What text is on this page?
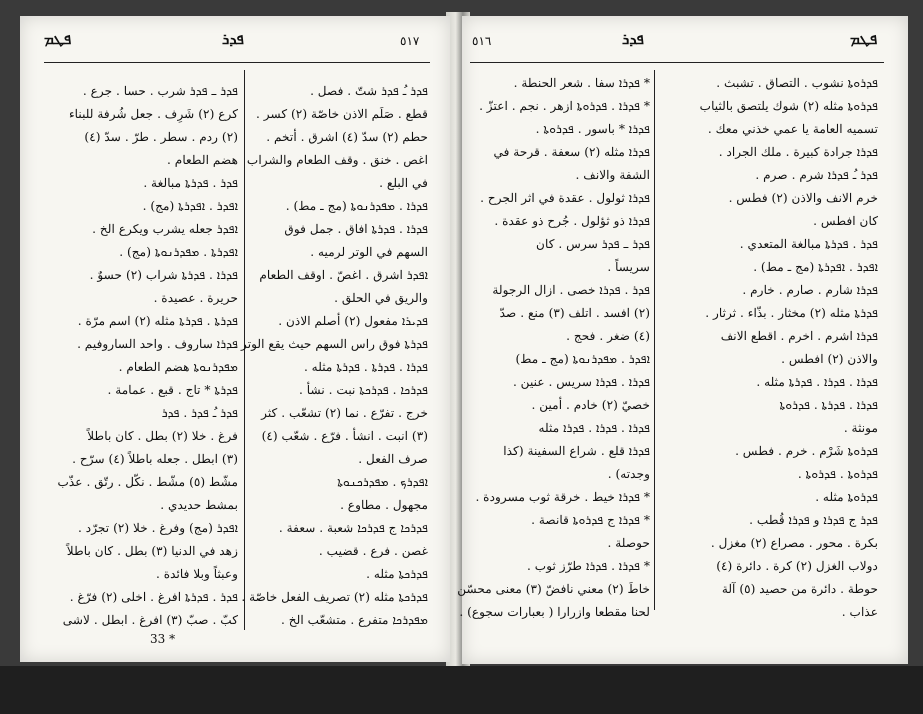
ܦܛܡ	ܦܕܪ	٥١٧
ܦܕܪ ـُ ܦܕܪ شتّ . فصل .
قطع . صَلَم الاذن خاصّة (٢) كسر .
حطم (٢) سدّ (٤) اشرق . أتخم .
اغص . خنق . وقف الطعام والشراب
في البلع .
ܦܕܪܐ . ܡܦܕܪܢܘܬܐ (مج ـ مط) .
ܦܕܪܐ . ܦܕܪܬܐ افاق . جمل فوق
السهم في الوتر لرميه .
ܐܦܕܪ اشرق . اغصّ . اوقف الطعام
والريق في الحلق .
ܦܕܝܪܐ مفعول (٢) أصلم الاذن .
ܦܕܪܬܐ فوق راس السهم حيث يقع الوتر .
ܦܕܪܐ . ܦܕܪܬܐ . ܦܕܪܬܐ مثله .
ܦܕܪܟܐ . ܦܕܪܟܬܐ نبت . نشأ .
خرج . تفرّع . نما (٢) تشعّب . كثر
(٣) انبت . انشأ . فرّع . شعّب (٤)
صرف الفعل .
ܐܦܕܪܟ . ܡܦܕܪܟܢܘܬܐ
مجهول . مطاوع .
ܦܕܪܟܐ ج ܦܕܪܟܐ شعبة . سعفة .
غصن . فرع . قضيب .
ܦܕܪܟܬܐ مثله .
ܦܕܪܟܬܐ مثله (٢) تصريف الفعل خاصّة .
ܡܦܕܪܟܐ متفرع . متشعّب الخ .
ܦܕܪ ـ ܦܕܪ شرب . حسا . جرع .
كرع (٢) شَرِف . جعل شُرفة للبناء
(٢) ردم . سطر . طرّ . سدّ (٤)
هضم الطعام .
ܦܕܪ . ܦܕܪܬܐ مبالغة .
ܐܦܕܪ . ܐܦܕܪܬܐ (مج) .
ܐܦܕܪ جعله يشرب ويكرع الخ .
ܐܦܕܪܬܐ . ܡܦܕܪܢܘܬܐ (مج) .
ܦܕܪܐ . ܦܕܪܬܐ شراب (٢) حسوٌ .
حريرة . عصيدة .
ܦܕܪܬܐ . ܦܕܪܬܐ مثله (٢) اسم مرّة .
ܦܕܪܐ ساروف . واحد الساروفيم .
ܡܦܕܪܢܘܬܐ هضم الطعام .
ܦܕܪܬܐ * تاج . قبع . عمامة .
ܦܕܪ ـُ ܦܕܪ . ܦܕܪ
فرغ . خلا (٢) بطل . كان باطلاً
(٣) ابطل . جعله باطلاً (٤) سرّح .
مشّط (٥) مشّط . نكّل . رتّق . عذّب
بمشط حديدي .
ܐܦܕܪ (مج) وفرغ . خلا (٢) تجرّد .
زهد في الدنيا (٣) بطل . كان باطلاً
وعبثاً وبلا فائدة .
ܦܕܪ . ܦܕܪܬܐ افرغ . اخلى (٢) فرّغ .
كبّ . صبّ (٣) افرغ . ابطل . لاشى
33 *
٥١٦	ܦܕܪ	ܦܛܡ
ܦܕܪܘܬܐ نشوب . التصاق . تشبث .
ܦܕܪܘܬܐ مثله (٢) شوك يلتصق بالثياب
تسميه العامة يا عمي خذني معك .
ܦܕܪܐ جرادة كبيرة . ملك الجراد .
ܦܕܪ ـُ ܦܕܪܐ شرم . صرم .
خرم الانف والاذن (٢) فطس .
كان افطس .
ܦܕܪ . ܦܕܪܬܐ مبالغة المتعدي .
ܐܦܕܪ . ܐܦܕܪܬܐ (مج ـ مط) .
ܦܕܪܐ شارم . صارم . خارم .
ܦܕܪܬܐ مثله (٢) مخثار . بذّاء . ثرثار .
ܦܕܪܐ اشرم . اخرم . اقطع الانف
والاذن (٢) افطس .
ܦܕܪܐ . ܦܕܪܐ . ܦܕܪܬܐ مثله .
ܦܕܪܐ . ܦܕܪܬܐ . ܦܕܪܘܬܐ
مونثة .
ܦܕܪܘܬܐ شَرْم . خرم . فطس .
ܦܕܪܘܬܐ . ܦܕܪܘܬܐ .
ܦܕܪܘܬܐ مثله .
ܦܕܪ ج ܦܕܪܐ و ܦܕܪܐ قُطب .
بكرة . محور . مصراع (٢) مغزل .
دولاب الغزل (٢) كرة . دائرة (٤)
حوطة . دائرة من حصيد (٥) آلة
عذاب .
* ܦܕܪܐ سفا . شعر الحنطة .
* ܦܕܪܐ . ܦܕܪܘܬܐ ازهر . نجم . اعتزّ .
ܦܕܪܐ * باسور . ܦܕܪܘܬܐ .
ܦܕܪܐ مثله (٢) سعفة . قرحة في
الشفة والانف .
ܦܕܪܐ ثولول . عقدة في اثر الجرح .
ܦܕܪܐ ذو ثؤلول . جُرح ذو عقدة .
ܦܕܪ ـ ܦܕܪ سرس . كان
سريساً .
ܦܕܪ . ܦܕܪܐ خصى . ازال الرجولة
(٢) افسد . اتلف (٣) منع . صدّ
(٤) ضغر . فحج .
ܐܦܕܪ . ܡܦܕܪܢܘܬܐ (مج ـ مط)
ܦܕܪܐ . ܦܕܪܐ سريس . عنين .
خصيّ (٢) خادم . أمين .
ܦܕܪܐ . ܦܕܪܐ . ܦܕܪܐ مثله
ܦܕܪܐ قلع . شراع السفينة (كذا
وجدته) .
* ܦܕܪܐ خيط . خرقة ثوب مسرودة .
* ܦܕܪܐ ج ܦܕܪܘܬܐ قانصة .
حوصلة .
* ܦܕܪܐ . ܦܕܪܐ طرّز ثوب .
خاطَ (٢) معني نافضّ (٣) معنى محسّن
لحنا مقطعا وازرارا ( بعبارات سجوع) .
